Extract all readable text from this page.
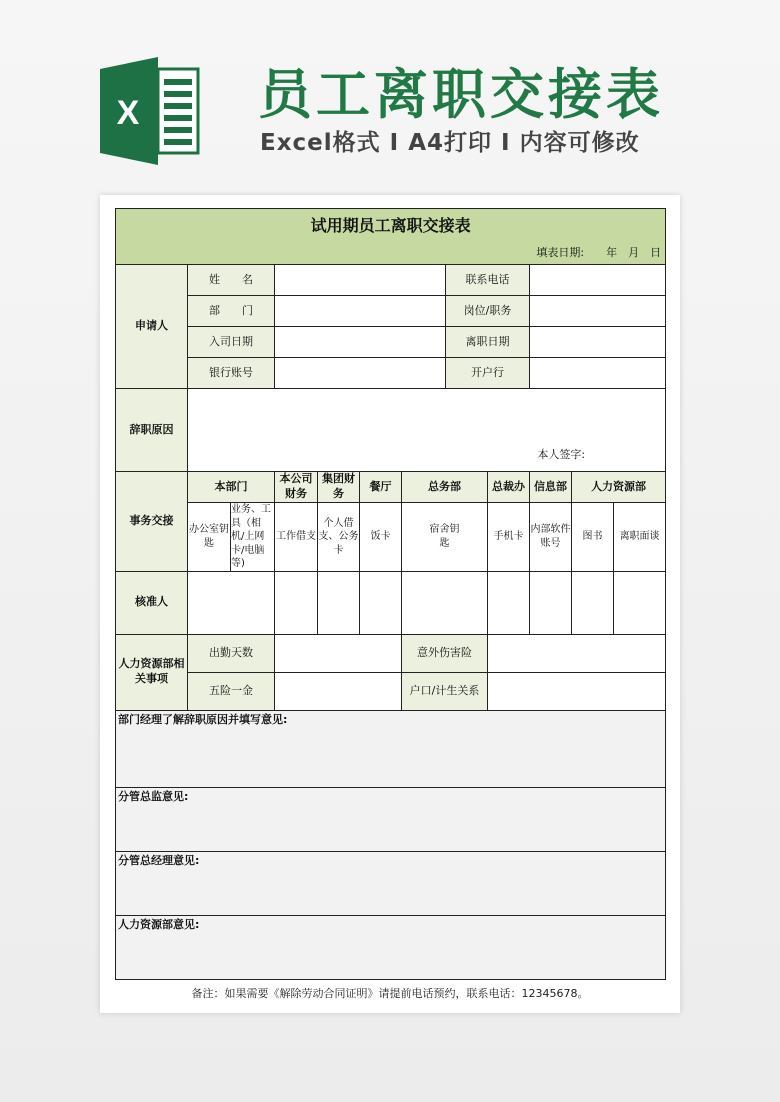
X 员工离职交接表
Excel格式 I A4打印 I 内容可修改
试用期员工离职交接表											
填表日期:　　年　月　日											
申请人	姓　　名						联系电话				
	部　　门						岗位/职务				
	入司日期						离职日期				
	银行账号						开户行				
辞职原因	本人签字:										
事务交接	本部门		本公司财务	集团财务	餐厅	总务部		总裁办	信息部	人力资源部	
	办公室钥匙	业务、工具（相机/上网卡/电脑等)	工作借支	个人借支、公务卡	饭卡	宿舍钥匙		手机卡	内部软件账号	图书	离职面谈
核准人											
人力资源部相关事项	出勤天数					意外伤害险					
	五险一金					户口/计生关系					
部门经理了解辞职原因并填写意见:											
分管总监意见:											
分管总经理意见:											
人力资源部意见:											
备注：如果需要《解除劳动合同证明》请提前电话预约，联系电话：12345678。
